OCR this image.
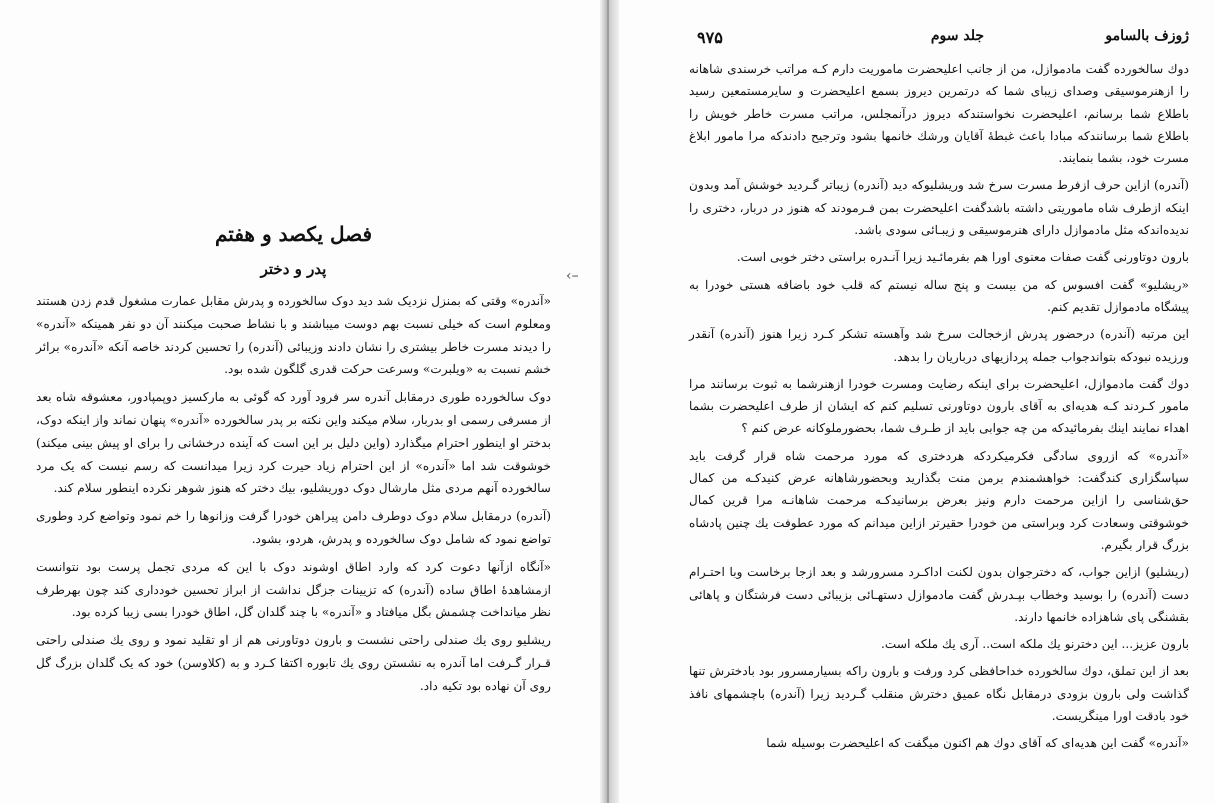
فصل یکصد و هفتم
پدر و دختر

«آندره» وقتی که بمنزل نزدیک شد دید دوک سالخورده و پدرش مقابل عمارت مشغول قدم زدن هستند ومعلوم است که خیلی نسبت بهم دوست میباشند و با نشاط صحبت میکنند آن دو نفر همینکه «آندره» را دیدند مسرت خاطر بیشتری را نشان دادند وزیبائی (آندره) را تحسین کردند خاصه آنکه «آندره» برائر خشم نسبت به «ویلبرت» وسرعت حرکت قدری گلگون شده بود.

دوک سالخورده طوری درمقابل آندره سر فرود آورد که گوئی به مارکسیز دوپمپادور، معشوقه شاه بعد از مسرفی رسمی او بدربار، سلام میکند واین نکته بر پدر سالخورده «آندره» پنهان نماند واز اینکه دوک، بدختر او اینطور احترام میگذارد (واین دلیل بر این است که آینده درخشانی را برای او پیش بینی میکند) خوشوقت شد اما «آندره» از این احترام زیاد حیرت کرد زیرا میدانست که رسم نیست که یک مرد سالخورده آنهم مردی مثل مارشال دوک دوریشلیو، بیك دختر که هنوز شوهر نکرده اینطور سلام کند.

(آندره) درمقابل سلام دوک دوطرف دامن پیراهن خودرا گرفت وزانوها را خم نمود وتواضع کرد وطوری تواضع نمود که شامل دوک سالخورده و پدرش، هردو، بشود.

«آنگاه ازآنها دعوت کرد که وارد اطاق اوشوند دوک با این که مردی تجمل پرست بود نتوانست ازمشاهدهٔ اطاق ساده (آندره) که تزیینات جزگل نداشت از ابراز تحسین خودداری کند چون بهرطرف نظر میانداخت چشمش بگل میافتاد و «آندره» با چند گلدان گل، اطاق خودرا بسی زیبا کرده بود.

ریشلیو روی یك صندلی راحتی نشست و بارون دوتاورنی هم از او تقلید نمود و روی یك صندلی راحتی قـرار گـرفت اما آندره به نشستن روی یك تابوره اکتفا کـرد و به (کلاوسن) خود که یک گلدان بزرگ گل روی آن نهاده بود تکیه داد.

‹–
ژوزف بالسامو
جلد سوم
۹۷۵

دوك سالخورده گفت مادموازل، من از جانب اعلیحضرت ماموریت دارم کـه مراتب خرسندی شاهانه را ازهنرموسیقی وصدای زیبای شما که درتمرین دیروز بسمع اعلیحضرت و سایرمستمعین رسید باطلاع شما برسانم، اعلیحضرت نخواستندکه دیروز درآنمجلس، مراتب مسرت خاطر خویش را باطلاع شما برسانندکه مبادا باعث غبطهٔ آقایان ورشك خانمها بشود وترجیح دادندکه مرا مامور ابلاغ مسرت خود، بشما بنمایند.

(آندره) ازاین حرف ازفرط مسرت سرخ شد وریشلیوکه دید (آندره) زیباتر گـردید خوشش آمد وبدون اینکه ازطرف شاه ماموریتی داشته باشدگفت اعلیحضرت بمن فـرمودند که هنوز در دربار، دختری را ندیده‌اندکه مثل مادموازل دارای هنرموسیقی و زیبـائی سودی باشد.

بارون دوتاورنی گفت صفات معنوی اورا هم بفرمائـید زیرا آنـدره براستی دختر خوبی است.

«ریشلیو» گفت افسوس که من بیست و پنج ساله نیستم که قلب خود باضافه هستی خودرا به پیشگاه مادموازل تقدیم کنم.

این مرتبه (آندره) درحضور پدرش ازخجالت سرخ شد وآهسته تشکر کـرد زیرا هنوز (آندره) آنقدر ورزیده نبودکه بتواندجواب جمله پردازیهای درباریان را بدهد.

دوك گفت مادموازل، اعلیحضرت برای اینکه رضایت ومسرت خودرا ازهنرشما به ثبوت برسانند مرا مامور کـردند کـه هدیه‌ای به آقای بارون دوتاورنی تسلیم کنم که ایشان از طرف اعلیحضرت بشما اهداء نمایند اینك بفرمائیدکه من چه جوابی باید از طـرف شما، بحضورملوکانه عرض کنم ؟

«آندره» که ازروی سادگی فکرمیکردکه هردختری که مورد مرحمت شاه قرار گرفت باید سپاسگزاری کندگفت: خواهشمندم برمن منت بگذارید وبحضورشاهانه عرض کنیدکـه من کمال حق‌شناسی را ازاین مرحمت دارم ونیز بعرض برسانیدکـه مرحمت شاهانـه مرا قرین کمال خوشوقتی وسعادت کرد وبراستی من خودرا حقیرتر ازاین میدانم که مورد عطوفت یك چنین پادشاه بزرگ قرار بگیرم.

(ریشلیو) ازاین جواب، که دخترجوان بدون لکنت اداکـرد مسرورشد و بعد ازجا برخاست وبا احتـرام دست (آندره) را بوسید وخطاب بپـدرش گفت مادموازل دستهـائی بزیبائی دست فرشتگان و پاهائی بقشنگی پای شاهزاده خانمها دارند.

بارون عزیز... این دخترنو یك ملکه است.. آری یك ملکه است.

بعد از این تملق، دوك سالخورده خداحافظی کرد ورفت و بارون راکه بسیارمسرور بود بادخترش تنها گذاشت ولی بارون بزودی درمقابل نگاه عمیق دخترش منقلب گـردید زیرا (آندره) باچشمهای نافذ خود بادقت اورا مینگریست.

«آندره» گفت این هدیه‌ای که آقای دوك هم اکنون میگفت که اعلیحضرت بوسیله شما
